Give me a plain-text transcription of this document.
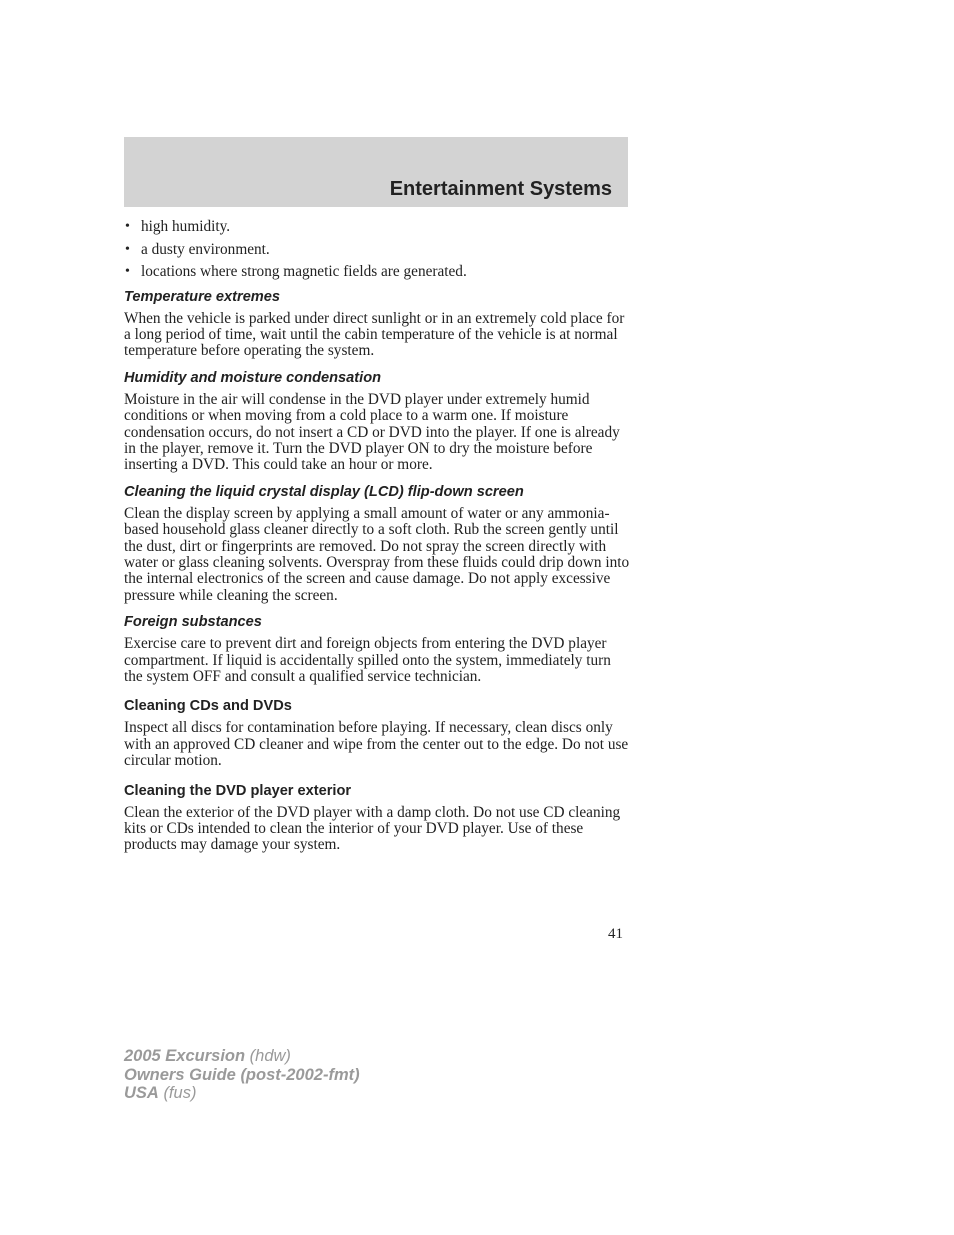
Entertainment Systems
• high humidity.
• a dusty environment.
• locations where strong magnetic fields are generated.
Temperature extremes

When the vehicle is parked under direct sunlight or in an extremely cold place for a long period of time, wait until the cabin temperature of the vehicle is at normal temperature before operating the system.

Humidity and moisture condensation

Moisture in the air will condense in the DVD player under extremely humid conditions or when moving from a cold place to a warm one. If moisture condensation occurs, do not insert a CD or DVD into the player. If one is already in the player, remove it. Turn the DVD player ON to dry the moisture before inserting a DVD. This could take an hour or more.

Cleaning the liquid crystal display (LCD) flip-down screen

Clean the display screen by applying a small amount of water or any ammonia-based household glass cleaner directly to a soft cloth. Rub the screen gently until the dust, dirt or fingerprints are removed. Do not spray the screen directly with water or glass cleaning solvents. Overspray from these fluids could drip down into the internal electronics of the screen and cause damage. Do not apply excessive pressure while cleaning the screen.

Foreign substances

Exercise care to prevent dirt and foreign objects from entering the DVD player compartment. If liquid is accidentally spilled onto the system, immediately turn the system OFF and consult a qualified service technician.

Cleaning CDs and DVDs

Inspect all discs for contamination before playing. If necessary, clean discs only with an approved CD cleaner and wipe from the center out to the edge. Do not use circular motion.

Cleaning the DVD player exterior

Clean the exterior of the DVD player with a damp cloth. Do not use CD cleaning kits or CDs intended to clean the interior of your DVD player. Use of these products may damage your system.

41
2005 Excursion (hdw)
Owners Guide (post-2002-fmt)
USA (fus)
